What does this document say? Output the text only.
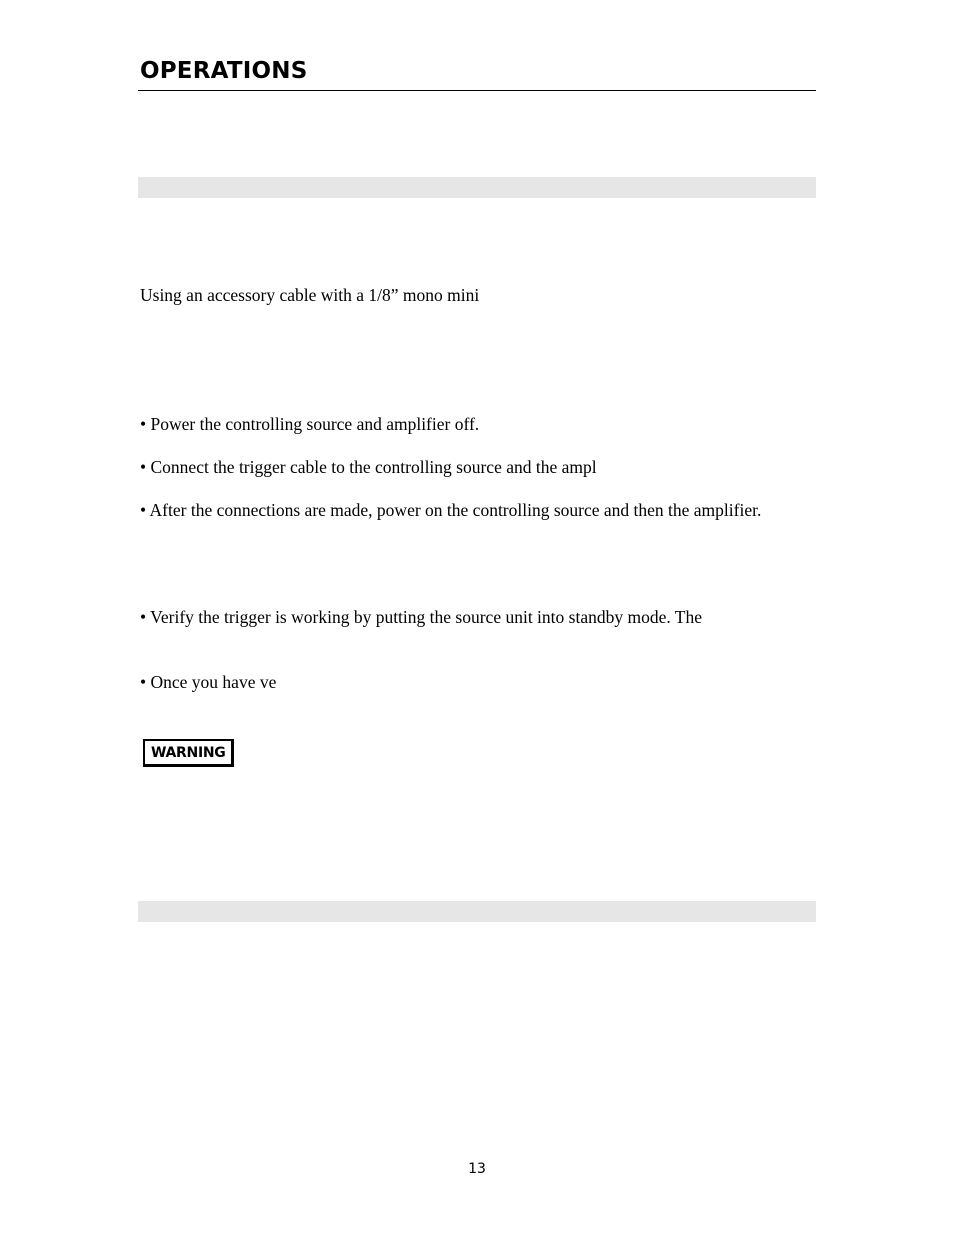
OPERATIONS

Using an accessory cable with a 1/8” mono mini

• Power the controlling source and amplifier off.

• Connect the trigger cable to the controlling source and the ampl

• After the connections are made, power on the controlling source and then the amplifier.

• Verify the trigger is working by putting the source unit into standby mode. The

• Once you have ve

WARNING
13
